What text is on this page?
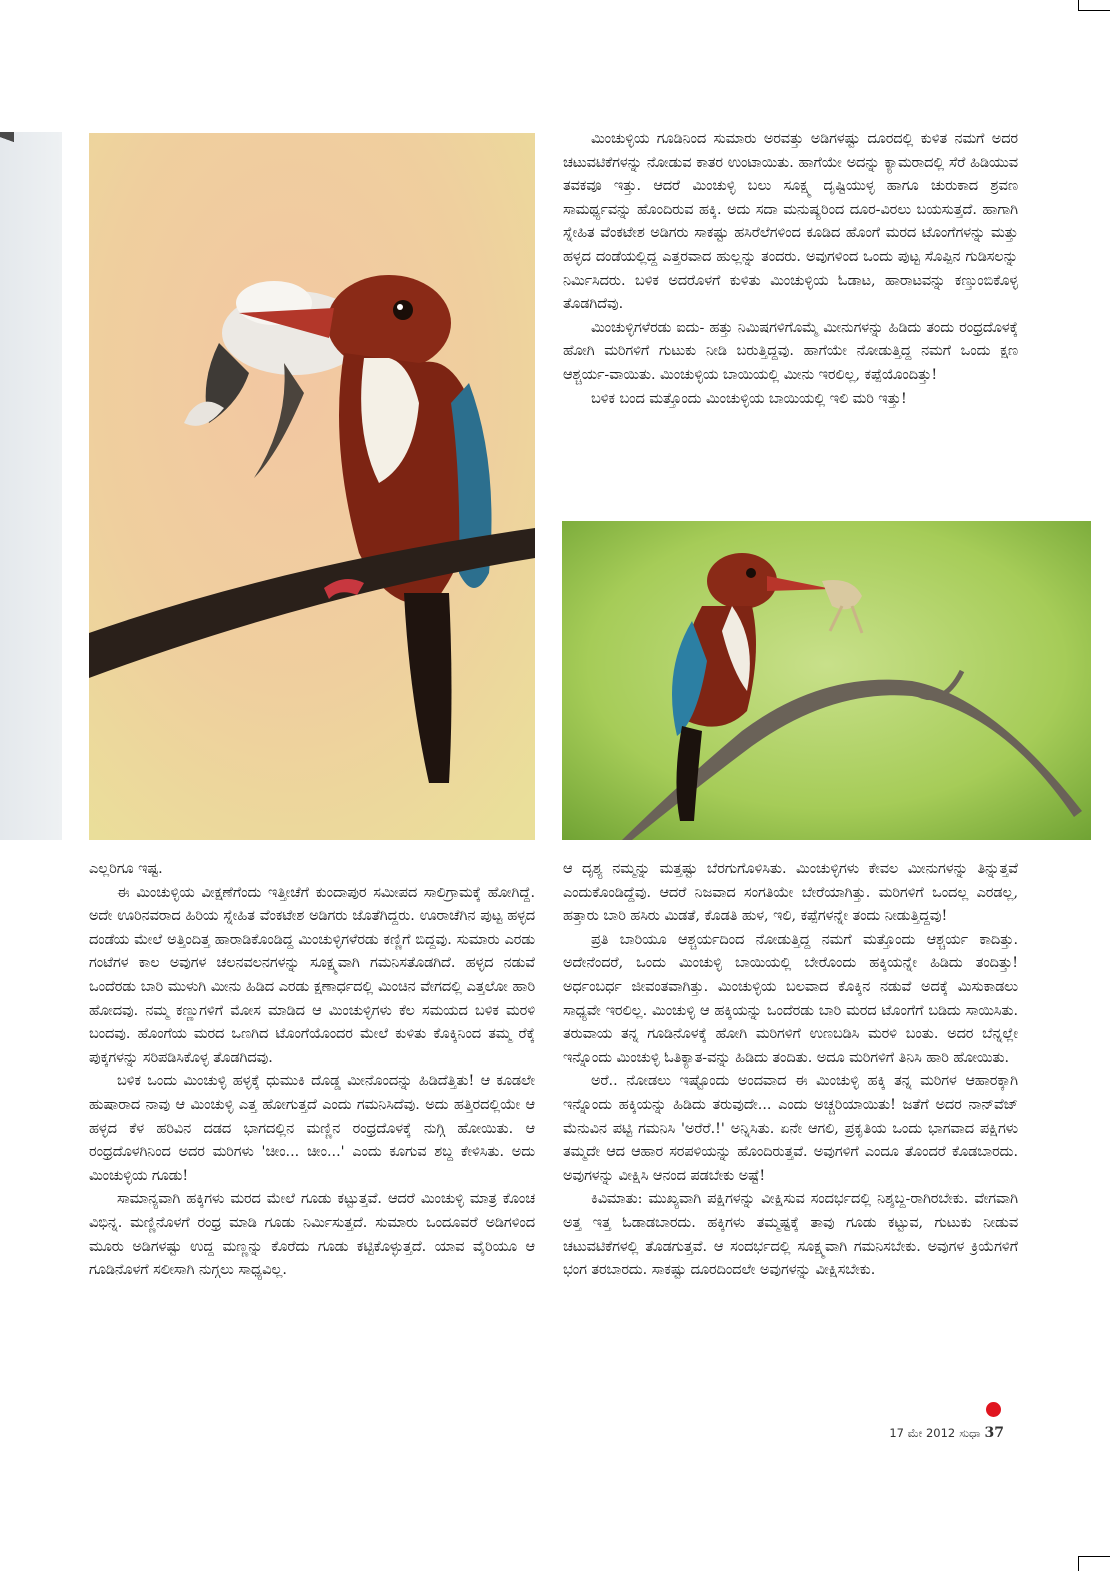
ಮಿಂಚುಳ್ಳಿಯ ಗೂಡಿನಿಂದ ಸುಮಾರು ಅರವತ್ತು ಅಡಿಗಳಷ್ಟು ದೂರದಲ್ಲಿ ಕುಳಿತ ನಮಗೆ ಅದರ ಚಟುವಟಿಕೆಗಳನ್ನು ನೋಡುವ ಕಾತರ ಉಂಟಾಯಿತು. ಹಾಗೆಯೇ ಅದನ್ನು ಕ್ಯಾಮರಾದಲ್ಲಿ ಸೆರೆ ಹಿಡಿಯುವ ತವಕವೂ ಇತ್ತು. ಆದರೆ ಮಿಂಚುಳ್ಳಿ ಬಲು ಸೂಕ್ಷ್ಮ ದೃಷ್ಟಿಯುಳ್ಳ ಹಾಗೂ ಚುರುಕಾದ ಶ್ರವಣ ಸಾಮರ್ಥ್ಯವನ್ನು ಹೊಂದಿರುವ ಹಕ್ಕಿ. ಅದು ಸದಾ ಮನುಷ್ಯರಿಂದ ದೂರ-ವಿರಲು ಬಯಸುತ್ತದೆ. ಹಾಗಾಗಿ ಸ್ನೇಹಿತ ವೆಂಕಟೇಶ ಅಡಿಗರು ಸಾಕಷ್ಟು ಹಸಿರೆಲೆಗಳಿಂದ ಕೂಡಿದ ಹೊಂಗೆ ಮರದ ಟೊಂಗೆಗಳನ್ನು ಮತ್ತು ಹಳ್ಳದ ದಂಡೆಯಲ್ಲಿದ್ದ ಎತ್ತರವಾದ ಹುಲ್ಲನ್ನು ತಂದರು. ಅವುಗಳಿಂದ ಒಂದು ಪುಟ್ಟ ಸೊಪ್ಪಿನ ಗುಡಿಸಲನ್ನು ನಿರ್ಮಿಸಿದರು. ಬಳಿಕ ಅದರೊಳಗೆ ಕುಳಿತು ಮಿಂಚುಳ್ಳಿಯ ಓಡಾಟ, ಹಾರಾಟವನ್ನು ಕಣ್ತುಂಬಿಕೊಳ್ಳ ತೊಡಗಿದೆವು.

ಮಿಂಚುಳ್ಳಿಗಳೆರಡು ಐದು- ಹತ್ತು ನಿಮಿಷಗಳಿಗೊಮ್ಮೆ ಮೀನುಗಳನ್ನು ಹಿಡಿದು ತಂದು ರಂಧ್ರದೊಳಕ್ಕೆ ಹೋಗಿ ಮರಿಗಳಿಗೆ ಗುಟುಕು ನೀಡಿ ಬರುತ್ತಿದ್ದವು. ಹಾಗೆಯೇ ನೋಡುತ್ತಿದ್ದ ನಮಗೆ ಒಂದು ಕ್ಷಣ ಆಶ್ಚರ್ಯ-ವಾಯಿತು. ಮಿಂಚುಳ್ಳಿಯ ಬಾಯಿಯಲ್ಲಿ ಮೀನು ಇರಲಿಲ್ಲ, ಕಪ್ಪೆಯೊಂದಿತ್ತು!

ಬಳಿಕ ಬಂದ ಮತ್ತೊಂದು ಮಿಂಚುಳ್ಳಿಯ ಬಾಯಿಯಲ್ಲಿ ಇಲಿ ಮರಿ ಇತ್ತು!

ಎಲ್ಲರಿಗೂ ಇಷ್ಟ.

ಈ ಮಿಂಚುಳ್ಳಿಯ ವೀಕ್ಷಣೆಗೆಂದು ಇತ್ತೀಚೆಗೆ ಕುಂದಾಪುರ ಸಮೀಪದ ಸಾಲಿಗ್ರಾಮಕ್ಕೆ ಹೋಗಿದ್ದೆ. ಅದೇ ಊರಿನವರಾದ ಹಿರಿಯ ಸ್ನೇಹಿತ ವೆಂಕಟೇಶ ಅಡಿಗರು ಜೊತೆಗಿದ್ದರು. ಊರಾಚೆಗಿನ ಪುಟ್ಟ ಹಳ್ಳದ ದಂಡೆಯ ಮೇಲೆ ಅತ್ತಿಂದಿತ್ತ ಹಾರಾಡಿಕೊಂಡಿದ್ದ ಮಿಂಚುಳ್ಳಿಗಳೆರಡು ಕಣ್ಣಿಗೆ ಬಿದ್ದವು. ಸುಮಾರು ಎರಡು ಗಂಟೆಗಳ ಕಾಲ ಅವುಗಳ ಚಲನವಲನಗಳನ್ನು ಸೂಕ್ಷ್ಮವಾಗಿ ಗಮನಿಸತೊಡಗಿದೆ. ಹಳ್ಳದ ನಡುವೆ ಒಂದೆರಡು ಬಾರಿ ಮುಳುಗಿ ಮೀನು ಹಿಡಿದ ಎರಡು ಕ್ಷಣಾರ್ಧದಲ್ಲಿ ಮಿಂಚಿನ ವೇಗದಲ್ಲಿ ಎತ್ತಲೋ ಹಾರಿ ಹೋದವು. ನಮ್ಮ ಕಣ್ಣುಗಳಿಗೆ ಮೋಸ ಮಾಡಿದ ಆ ಮಿಂಚುಳ್ಳಿಗಳು ಕೆಲ ಸಮಯದ ಬಳಿಕ ಮರಳಿ ಬಂದವು. ಹೊಂಗೆಯ ಮರದ ಒಣಗಿದ ಟೊಂಗೆಯೊಂದರ ಮೇಲೆ ಕುಳಿತು ಕೊಕ್ಕಿನಿಂದ ತಮ್ಮ ರೆಕ್ಕೆ ಪುಕ್ಕಗಳನ್ನು ಸರಿಪಡಿಸಿಕೊಳ್ಳ ತೊಡಗಿದವು.

ಬಳಿಕ ಒಂದು ಮಿಂಚುಳ್ಳಿ ಹಳ್ಳಕ್ಕೆ ಧುಮುಕಿ ದೊಡ್ಡ ಮೀನೊಂದನ್ನು ಹಿಡಿದೆತ್ತಿತು! ಆ ಕೂಡಲೇ ಹುಷಾರಾದ ನಾವು ಆ ಮಿಂಚುಳ್ಳಿ ಎತ್ತ ಹೋಗುತ್ತದೆ ಎಂದು ಗಮನಿಸಿದೆವು. ಅದು ಹತ್ತಿರದಲ್ಲಿಯೇ ಆ ಹಳ್ಳದ ಕೆಳ ಹರಿವಿನ ದಡದ ಭಾಗದಲ್ಲಿನ ಮಣ್ಣಿನ ರಂಧ್ರದೊಳಕ್ಕೆ ನುಗ್ಗಿ ಹೋಯಿತು. ಆ ರಂಧ್ರದೊಳಗಿನಿಂದ ಅದರ ಮರಿಗಳು 'ಚೀಂ... ಚೀಂ...' ಎಂದು ಕೂಗುವ ಶಬ್ದ ಕೇಳಿಸಿತು. ಅದು ಮಿಂಚುಳ್ಳಿಯ ಗೂಡು!

ಸಾಮಾನ್ಯವಾಗಿ ಹಕ್ಕಿಗಳು ಮರದ ಮೇಲೆ ಗೂಡು ಕಟ್ಟುತ್ತವೆ. ಆದರೆ ಮಿಂಚುಳ್ಳಿ ಮಾತ್ರ ಕೊಂಚ ವಿಭಿನ್ನ. ಮಣ್ಣಿನೊಳಗೆ ರಂಧ್ರ ಮಾಡಿ ಗೂಡು ನಿರ್ಮಿಸುತ್ತದೆ. ಸುಮಾರು ಒಂದೂವರೆ ಅಡಿಗಳಿಂದ ಮೂರು ಅಡಿಗಳಷ್ಟು ಉದ್ದ ಮಣ್ಣನ್ನು ಕೊರೆದು ಗೂಡು ಕಟ್ಟಿಕೊಳ್ಳುತ್ತದೆ. ಯಾವ ವೈರಿಯೂ ಆ ಗೂಡಿನೊಳಗೆ ಸಲೀಸಾಗಿ ನುಗ್ಗಲು ಸಾಧ್ಯವಿಲ್ಲ.

ಆ ದೃಶ್ಯ ನಮ್ಮನ್ನು ಮತ್ತಷ್ಟು ಬೆರಗುಗೊಳಿಸಿತು. ಮಿಂಚುಳ್ಳಿಗಳು ಕೇವಲ ಮೀನುಗಳನ್ನು ತಿನ್ನುತ್ತವೆ ಎಂದುಕೊಂಡಿದ್ದೆವು. ಆದರೆ ನಿಜವಾದ ಸಂಗತಿಯೇ ಬೇರೆಯಾಗಿತ್ತು. ಮರಿಗಳಿಗೆ ಒಂದಲ್ಲ ಎರಡಲ್ಲ, ಹತ್ತಾರು ಬಾರಿ ಹಸಿರು ಮಿಡತೆ, ಕೊಡತಿ ಹುಳ, ಇಲಿ, ಕಪ್ಪೆಗಳನ್ನೇ ತಂದು ನೀಡುತ್ತಿದ್ದವು!

ಪ್ರತಿ ಬಾರಿಯೂ ಆಶ್ಚರ್ಯದಿಂದ ನೋಡುತ್ತಿದ್ದ ನಮಗೆ ಮತ್ತೊಂದು ಆಶ್ಚರ್ಯ ಕಾದಿತ್ತು. ಅದೇನೆಂದರೆ, ಒಂದು ಮಿಂಚುಳ್ಳಿ ಬಾಯಿಯಲ್ಲಿ ಬೇರೊಂದು ಹಕ್ಕಿಯನ್ನೇ ಹಿಡಿದು ತಂದಿತ್ತು! ಅರ್ಧಂಬರ್ಧ ಜೀವಂತವಾಗಿತ್ತು. ಮಿಂಚುಳ್ಳಿಯ ಬಲವಾದ ಕೊಕ್ಕಿನ ನಡುವೆ ಅದಕ್ಕೆ ಮಿಸುಕಾಡಲು ಸಾಧ್ಯವೇ ಇರಲಿಲ್ಲ. ಮಿಂಚುಳ್ಳಿ ಆ ಹಕ್ಕಿಯನ್ನು ಒಂದೆರಡು ಬಾರಿ ಮರದ ಟೊಂಗೆಗೆ ಬಡಿದು ಸಾಯಿಸಿತು. ತರುವಾಯ ತನ್ನ ಗೂಡಿನೊಳಕ್ಕೆ ಹೋಗಿ ಮರಿಗಳಿಗೆ ಉಣಬಡಿಸಿ ಮರಳಿ ಬಂತು. ಅದರ ಬೆನ್ನಲ್ಲೇ ಇನ್ನೊಂದು ಮಿಂಚುಳ್ಳಿ ಓತಿಕ್ಯಾತ-ವನ್ನು ಹಿಡಿದು ತಂದಿತು. ಅದೂ ಮರಿಗಳಿಗೆ ತಿನಿಸಿ ಹಾರಿ ಹೋಯಿತು.

ಅರೆ.. ನೋಡಲು ಇಷ್ಟೊಂದು ಅಂದವಾದ ಈ ಮಿಂಚುಳ್ಳಿ ಹಕ್ಕಿ ತನ್ನ ಮರಿಗಳ ಆಹಾರಕ್ಕಾಗಿ ಇನ್ನೊಂದು ಹಕ್ಕಿಯನ್ನು ಹಿಡಿದು ತರುವುದೇ... ಎಂದು ಅಚ್ಚರಿಯಾಯಿತು! ಜತೆಗೆ ಅದರ ನಾನ್‌ವೆಜ್ ಮೆನುವಿನ ಪಟ್ಟಿ ಗಮನಿಸಿ 'ಅರೆರೆ.!' ಅನ್ನಿಸಿತು. ಏನೇ ಆಗಲಿ, ಪ್ರಕೃತಿಯ ಒಂದು ಭಾಗವಾದ ಪಕ್ಷಿಗಳು ತಮ್ಮದೇ ಆದ ಆಹಾರ ಸರಪಳಿಯನ್ನು ಹೊಂದಿರುತ್ತವೆ. ಅವುಗಳಿಗೆ ಎಂದೂ ತೊಂದರೆ ಕೊಡಬಾರದು. ಅವುಗಳನ್ನು ವೀಕ್ಷಿಸಿ ಆನಂದ ಪಡಬೇಕು ಅಷ್ಟೆ!

ಕಿವಿಮಾತು: ಮುಖ್ಯವಾಗಿ ಪಕ್ಷಿಗಳನ್ನು ವೀಕ್ಷಿಸುವ ಸಂದರ್ಭದಲ್ಲಿ ನಿಶ್ಶಬ್ದ-ರಾಗಿರಬೇಕು. ವೇಗವಾಗಿ ಅತ್ತ ಇತ್ತ ಓಡಾಡಬಾರದು. ಹಕ್ಕಿಗಳು ತಮ್ಮಷ್ಟಕ್ಕೆ ತಾವು ಗೂಡು ಕಟ್ಟುವ, ಗುಟುಕು ನೀಡುವ ಚಟುವಟಿಕೆಗಳಲ್ಲಿ ತೊಡಗುತ್ತವೆ. ಆ ಸಂದರ್ಭದಲ್ಲಿ ಸೂಕ್ಷ್ಮವಾಗಿ ಗಮನಿಸಬೇಕು. ಅವುಗಳ ಕ್ರಿಯೆಗಳಿಗೆ ಭಂಗ ತರಬಾರದು. ಸಾಕಷ್ಟು ದೂರದಿಂದಲೇ ಅವುಗಳನ್ನು ವೀಕ್ಷಿಸಬೇಕು.

17 ಮೇ 2012 ಸುಧಾ 37
